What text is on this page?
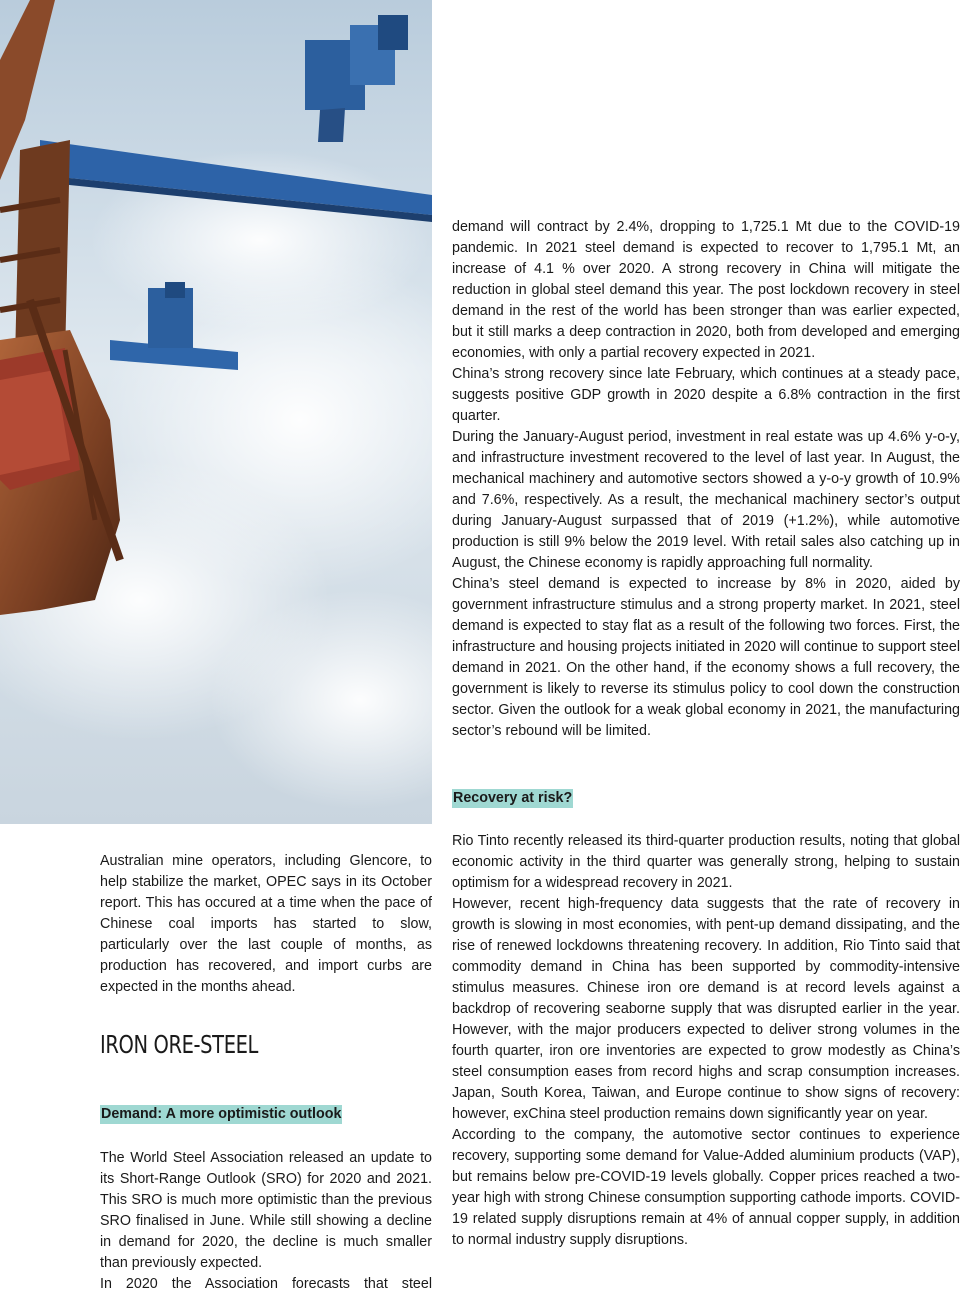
demand will contract by 2.4%, dropping to 1,725.1 Mt due to the COVID-19 pandemic. In 2021 steel demand is expected to recover to 1,795.1 Mt, an increase of 4.1 % over 2020. A strong recovery in China will mitigate the reduction in global steel demand this year. The post lockdown recovery in steel demand in the rest of the world has been stronger than was earlier expected, but it still marks a deep contraction in 2020, both from developed and emerging economies, with only a partial recovery expected in 2021.

China’s strong recovery since late February, which continues at a steady pace, suggests positive GDP growth in 2020 despite a 6.8% contraction in the first quarter.

During the January-August period, investment in real estate was up 4.6% y-o-y, and infrastructure investment recovered to the level of last year. In August, the mechanical machinery and automotive sectors showed a y-o-y growth of 10.9% and 7.6%, respectively. As a result, the mechanical machinery sector’s output during January-August surpassed that of 2019 (+1.2%), while automotive production is still 9% below the 2019 level. With retail sales also catching up in August, the Chinese economy is rapidly approaching full normality.

China’s steel demand is expected to increase by 8% in 2020, aided by government infrastructure stimulus and a strong property market. In 2021, steel demand is expected to stay flat as a result of the following two forces. First, the infrastructure and housing projects initiated in 2020 will continue to support steel demand in 2021. On the other hand, if the economy shows a full recovery, the government is likely to reverse its stimulus policy to cool down the construction sector. Given the outlook for a weak global economy in 2021, the manufacturing sector’s rebound will be limited.

Recovery at risk?

Rio Tinto recently released its third-quarter production results, noting that global economic activity in the third quarter was generally strong, helping to sustain optimism for a widespread recovery in 2021.

However, recent high-frequency data suggests that the rate of recovery in growth is slowing in most economies, with pent-up demand dissipating, and the rise of renewed lockdowns threatening recovery. In addition, Rio Tinto said that commodity demand in China has been supported by commodity-intensive stimulus measures. Chinese iron ore demand is at record levels against a backdrop of recovering seaborne supply that was disrupted earlier in the year. However, with the major producers expected to deliver strong volumes in the fourth quarter, iron ore inventories are expected to grow modestly as China’s steel consumption eases from record highs and scrap consumption increases. Japan, South Korea, Taiwan, and Europe continue to show signs of recovery: however, exChina steel production remains down significantly year on year.

According to the company, the automotive sector continues to experience recovery, supporting some demand for Value-Added aluminium products (VAP), but remains below pre-COVID-19 levels globally. Copper prices reached a two-year high with strong Chinese consumption supporting cathode imports. COVID-19 related supply disruptions remain at 4% of annual copper supply, in addition to normal industry supply disruptions.

Australian mine operators, including Glencore, to help stabilize the market, OPEC says in its October report. This has occured at a time when the pace of Chinese coal imports has started to slow, particularly over the last couple of months, as production has recovered, and import curbs are expected in the months ahead.

IRON ORE-STEEL
Demand: A more optimistic outlook

The World Steel Association released an update to its Short-Range Outlook (SRO) for 2020 and 2021. This SRO is much more optimistic than the previous SRO finalised in June. While still showing a decline in demand for 2020, the decline is much smaller than previously expected.

In 2020 the Association forecasts that steel
